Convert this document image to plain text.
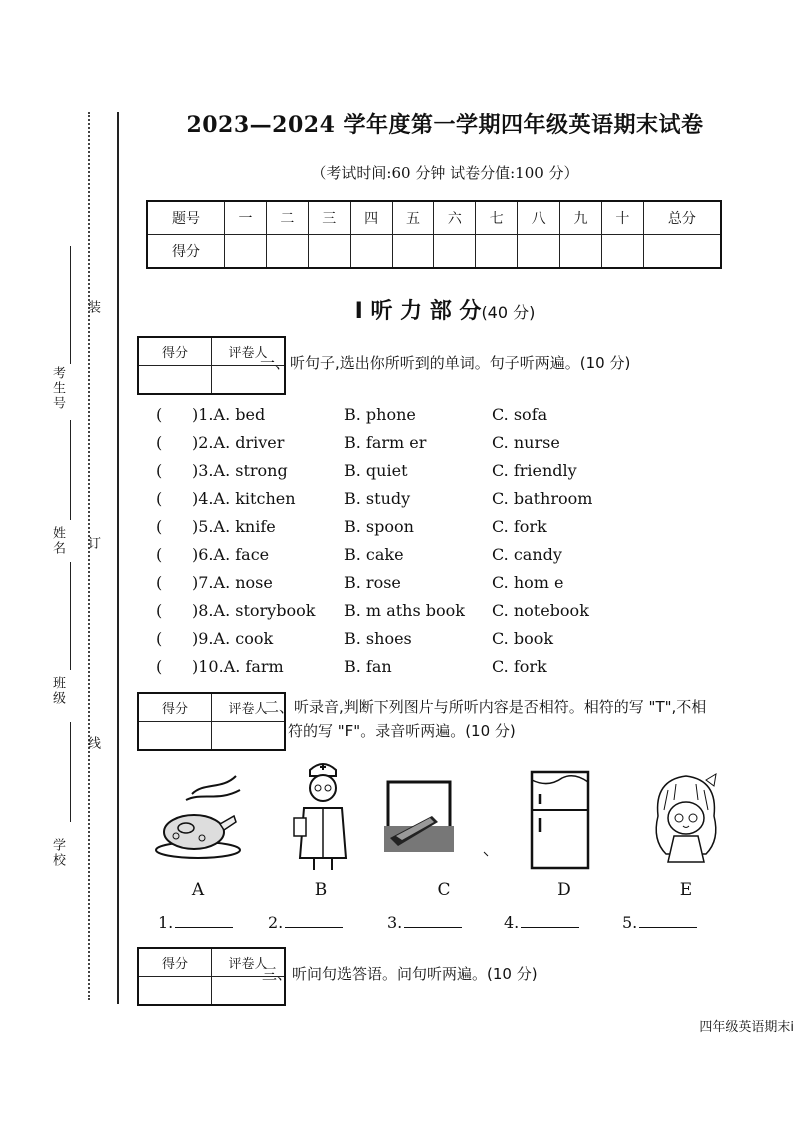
装
订
线
考生号
姓名
班级
学校
2023—2024 学年度第一学期四年级英语期末试卷
（考试时间:60 分钟 试卷分值:100 分）
题号	一	二	三	四	五	六	七	八	九	十	总分
得分											
Ⅰ 听 力 部 分(40 分)
得分	评卷人

一、听句子,选出你所听到的单词。句子听两遍。(10 分)
( )1.A. bed	B. phone	C. sofa
( )2.A. driver	B. farm er	C. nurse
( )3.A. strong	B. quiet	C. friendly
( )4.A. kitchen	B. study	C. bathroom
( )5.A. knife	B. spoon	C. fork
( )6.A. face	B. cake	C. candy
( )7.A. nose	B. rose	C. hom e
( )8.A. storybook B. m aths book C. notebook
( )9.A. cook	B. shoes	C. book
( )10.A. farm	B. fan	C. fork
得分	评卷人

二、听录音,判断下列图片与所听内容是否相符。相符的写 "T",不相
符的写 "F"。录音听两遍。(10 分)
A	B	C	D	E
1.	2.	3.	4.	5.
得分	评卷人

三、听问句选答语。问句听两遍。(10 分)
四年级英语期末i
